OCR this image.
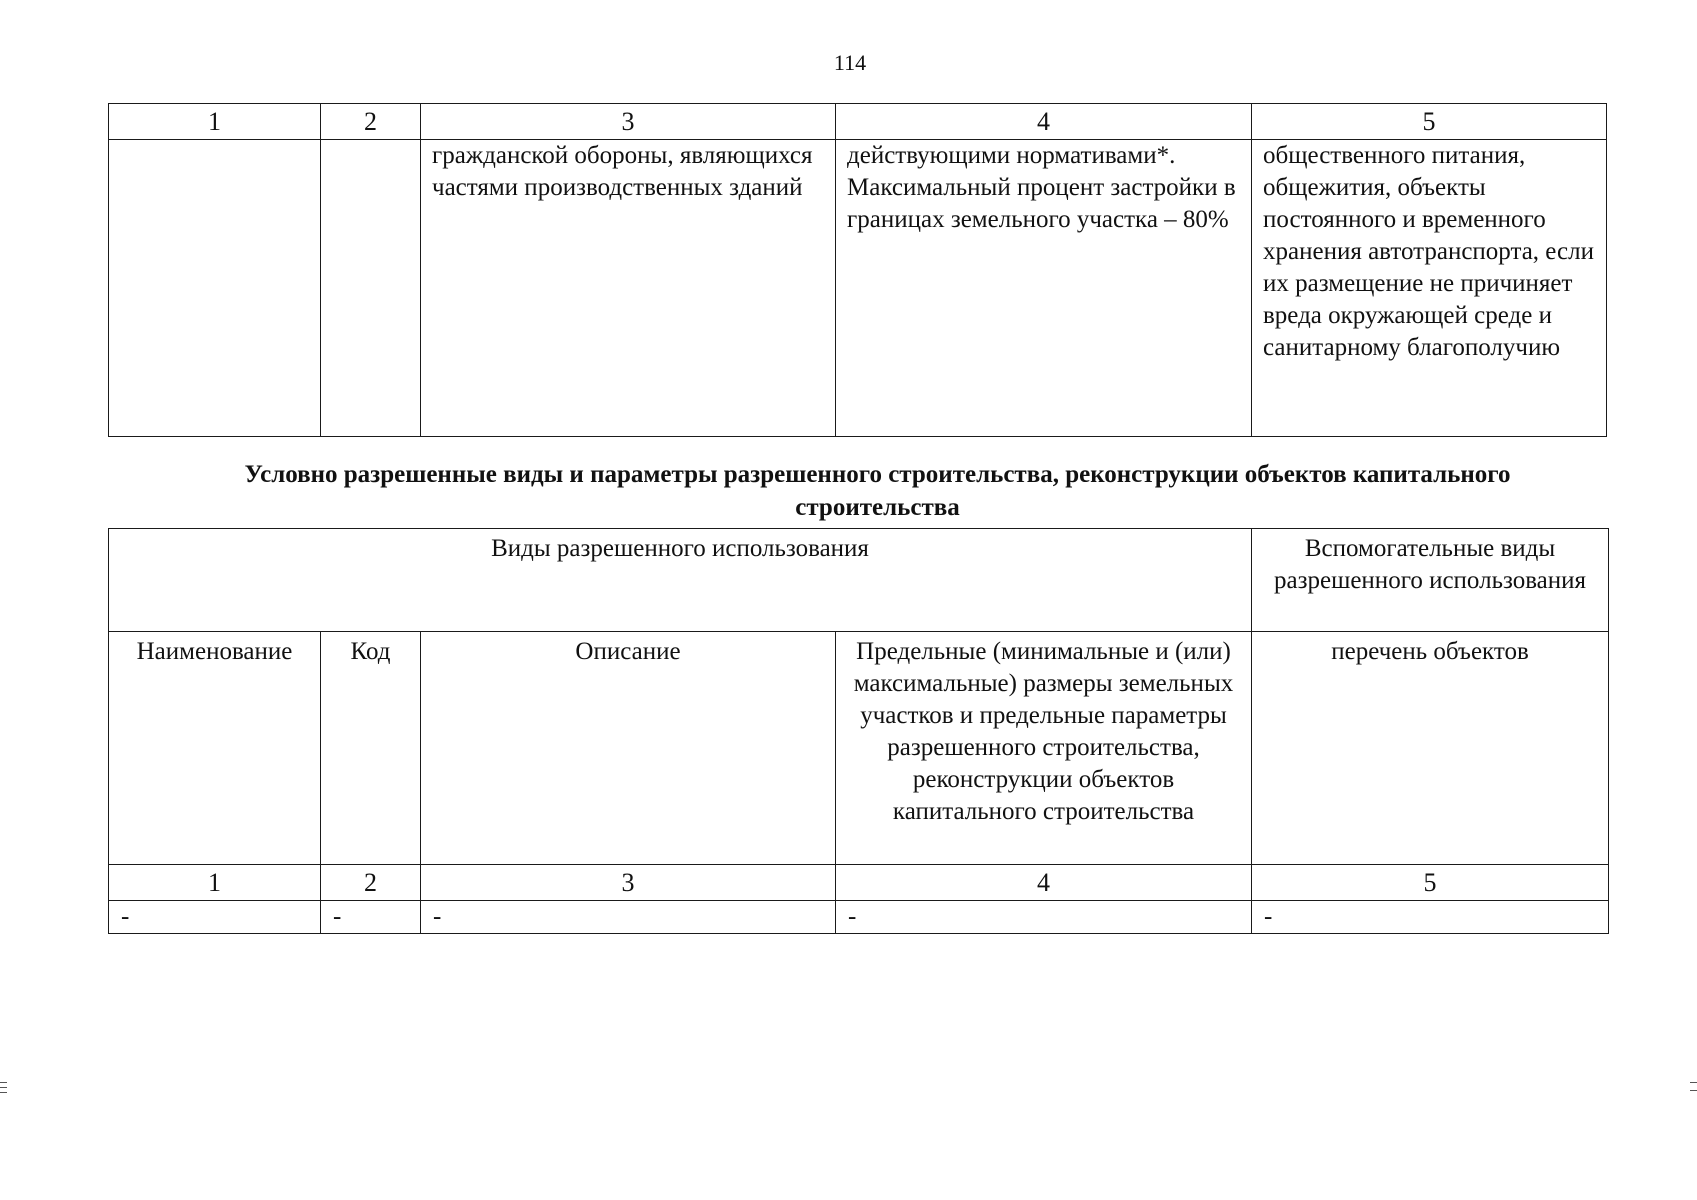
114
1	2	3	4	5
		гражданской обороны, являющихся частями производственных зданий	действующими нормативами*. Максимальный процент застройки в границах земельного участка – 80%	общественного питания, общежития, объекты постоянного и временного хранения автотранспорта, если их размещение не причиняет вреда окружающей среде и санитарному благополучию
Условно разрешенные виды и параметры разрешенного строительства, реконструкции объектов капитального строительства
Виды разрешенного использования				Вспомогательные виды разрешенного использования
Наименование	Код	Описание	Предельные (минимальные и (или) максимальные) размеры земельных участков и предельные параметры разрешенного строительства, реконструкции объектов капитального строительства	перечень объектов
1	2	3	4	5
-	-	-	-	-
